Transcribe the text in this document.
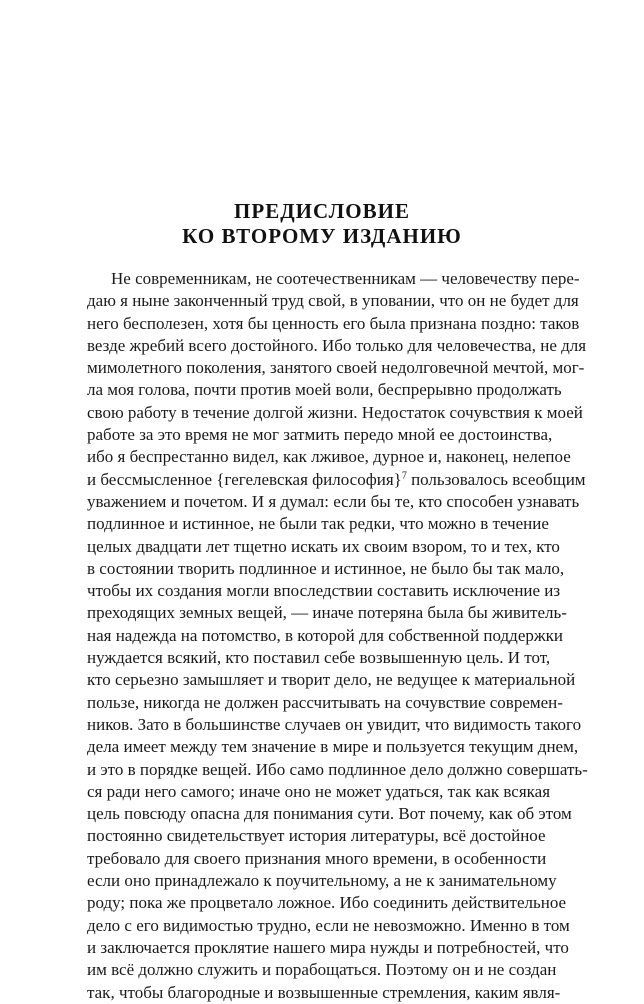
ПРЕДИСЛОВИЕ
КО ВТОРОМУ ИЗДАНИЮ
Не современникам, не соотечественникам — человечеству пере-
даю я ныне законченный труд свой, в уповании, что он не будет для
него бесполезен, хотя бы ценность его была признана поздно: таков
везде жребий всего достойного. Ибо только для человечества, не для
мимолетного поколения, занятого своей недолговечной мечтой, мог-
ла моя голова, почти против моей воли, беспрерывно продолжать
свою работу в течение долгой жизни. Недостаток сочувствия к моей
работе за это время не мог затмить передо мной ее достоинства,
ибо я беспрестанно видел, как лживое, дурное и, наконец, нелепое
и бессмысленное {гегелевская философия}$^7$ пользовалось всеобщим
уважением и почетом. И я думал: если бы те, кто способен узнавать
подлинное и истинное, не были так редки, что можно в течение
целых двадцати лет тщетно искать их своим взором, то и тех, кто
в состоянии творить подлинное и истинное, не было бы так мало,
чтобы их создания могли впоследствии составить исключение из
преходящих земных вещей, — иначе потеряна была бы живитель-
ная надежда на потомство, в которой для собственной поддержки
нуждается всякий, кто поставил себе возвышенную цель. И тот,
кто серьезно замышляет и творит дело, не ведущее к материальной
пользе, никогда не должен рассчитывать на сочувствие современ-
ников. Зато в большинстве случаев он увидит, что видимость такого
дела имеет между тем значение в мире и пользуется текущим днем,
и это в порядке вещей. Ибо само подлинное дело должно совершать-
ся ради него самого; иначе оно не может удаться, так как всякая
цель повсюду опасна для понимания сути. Вот почему, как об этом
постоянно свидетельствует история литературы, всё достойное
требовало для своего признания много времени, в особенности
если оно принадлежало к поучительному, а не к занимательному
роду; пока же процветало ложное. Ибо соединить действительное
дело с его видимостью трудно, если не невозможно. Именно в том
и заключается проклятие нашего мира нужды и потребностей, что
им всё должно служить и порабощаться. Поэтому он и не создан
так, чтобы благородные и возвышенные стремления, каким явля-
